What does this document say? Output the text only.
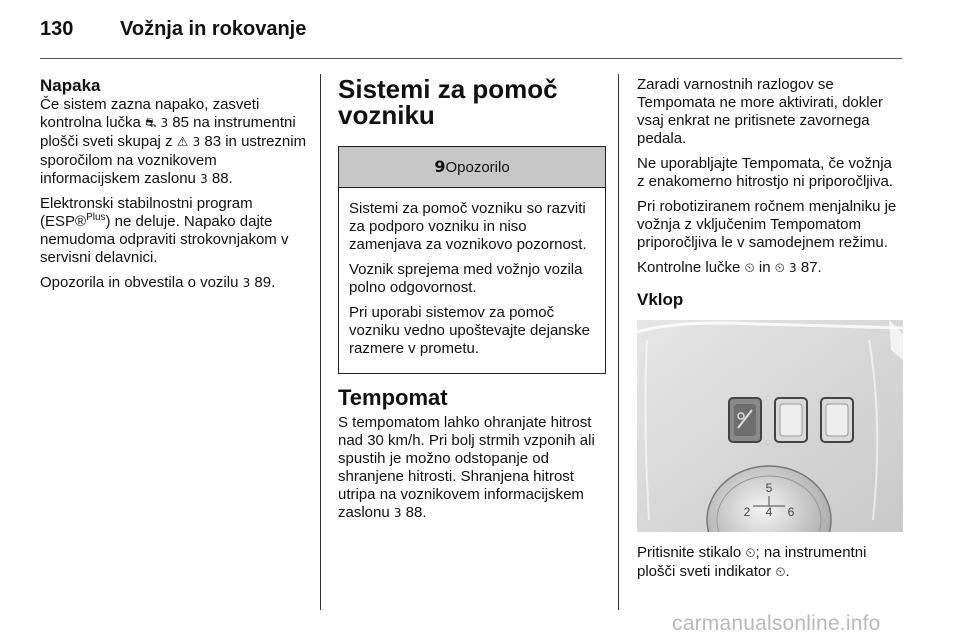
130 Vožnja in rokovanje
Napaka

Če sistem zazna napako, zasveti kontrolna lučka ⛐ 3 85 na instrumentni plošči sveti skupaj z ⚠ 3 83 in ustreznim sporočilom na voznikovem informacijskem zaslonu 3 88.

Elektronski stabilnostni program (ESP®$^{Plus}$) ne deluje. Napako dajte nemudoma odpraviti strokovnjakom v servisni delavnici.

Opozorila in obvestila o vozilu 3 89.

Sistemi za pomoč vozniku
9Opozorilo

Sistemi za pomoč vozniku so razviti za podporo vozniku in niso zamenjava za voznikovo pozornost.

Voznik sprejema med vožnjo vozila polno odgovornost.

Pri uporabi sistemov za pomoč vozniku vedno upoštevajte dejanske razmere v prometu.

Tempomat

S tempomatom lahko ohranjate hitrost nad 30 km/h. Pri bolj strmih vzponih ali spustih je možno odstopanje od shranjene hitrosti. Shranjena hitrost utripa na voznikovem informacijskem zaslonu 3 88.

Zaradi varnostnih razlogov se Tempomata ne more aktivirati, dokler vsaj enkrat ne pritisnete zavornega pedala.

Ne uporabljajte Tempomata, če vožnja z enakomerno hitrostjo ni priporočljiva.

Pri robotiziranem ročnem menjalniku je vožnja z vključenim Tempomatom priporočljiva le v samodejnem režimu.

Kontrolne lučke ⏲ in ⏲ 3 87.

Vklop
5
2 4 6

Pritisnite stikalo ⏲; na instrumentni plošči sveti indikator ⏲.

carmanualsonline.info
